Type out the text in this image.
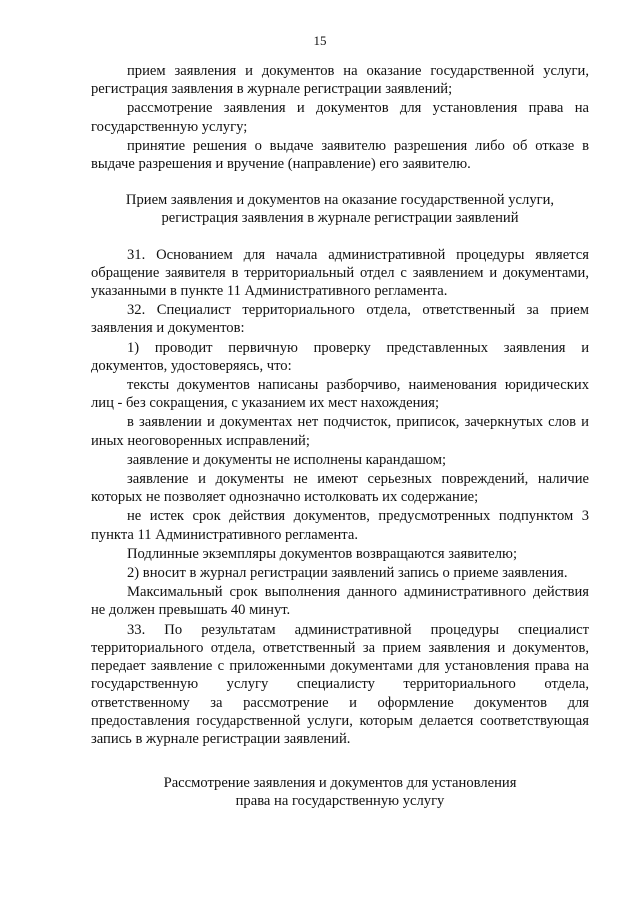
15

прием заявления и документов на оказание государственной услуги, регистрация заявления в журнале регистрации заявлений;

рассмотрение заявления и документов для установления права на государственную услугу;

принятие решения о выдаче заявителю разрешения либо об отказе в выдаче разрешения и вручение (направление) его заявителю.

Прием заявления и документов на оказание государственной услуги,
регистрация заявления в журнале регистрации заявлений

31. Основанием для начала административной процедуры является обращение заявителя в территориальный отдел с заявлением и документами, указанными в пункте 11 Административного регламента.

32. Специалист территориального отдела, ответственный за прием заявления и документов:

1) проводит первичную проверку представленных заявления и документов, удостоверяясь, что:

тексты документов написаны разборчиво, наименования юридических лиц - без сокращения, с указанием их мест нахождения;

в заявлении и документах нет подчисток, приписок, зачеркнутых слов и иных неоговоренных исправлений;

заявление и документы не исполнены карандашом;

заявление и документы не имеют серьезных повреждений, наличие которых не позволяет однозначно истолковать их содержание;

не истек срок действия документов, предусмотренных подпунктом 3 пункта 11 Административного регламента.

Подлинные экземпляры документов возвращаются заявителю;

2) вносит в журнал регистрации заявлений запись о приеме заявления.

Максимальный срок выполнения данного административного действия не должен превышать 40 минут.

33. По результатам административной процедуры специалист территориального отдела, ответственный за прием заявления и документов, передает заявление с приложенными документами для установления права на государственную услугу специалисту территориального отдела, ответственному за рассмотрение и оформление документов для предоставления государственной услуги, которым делается соответствующая запись в журнале регистрации заявлений.

Рассмотрение заявления и документов для установления
права на государственную услугу
